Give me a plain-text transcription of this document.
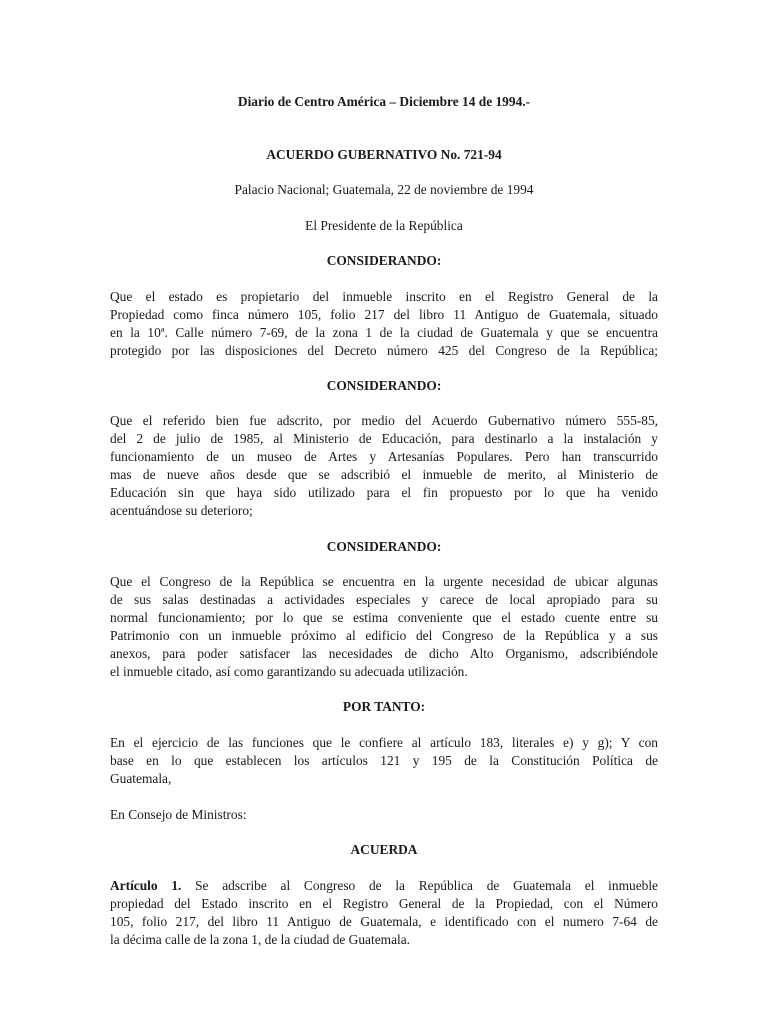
Diario de Centro América – Diciembre 14 de 1994.-
ACUERDO GUBERNATIVO No. 721-94
Palacio Nacional; Guatemala, 22 de noviembre de 1994
El Presidente de la República
CONSIDERANDO:
Que el estado es propietario del inmueble inscrito en el Registro General de la
Propiedad como finca número 105, folio 217 del libro 11 Antiguo de Guatemala, situado
en la 10ª. Calle número 7-69, de la zona 1 de la ciudad de Guatemala y que se encuentra
protegido por las disposiciones del Decreto número 425 del Congreso de la República;
CONSIDERANDO:
Que el referido bien fue adscrito, por medio del Acuerdo Gubernativo número 555-85,
del 2 de julio de 1985, al Ministerio de Educación, para destinarlo a la instalación y
funcionamiento de un museo de Artes y Artesanías Populares. Pero han transcurrido
mas de nueve años desde que se adscribió el inmueble de merito, al Ministerio de
Educación sin que haya sido utilizado para el fin propuesto por lo que ha venido
acentuándose su deterioro;
CONSIDERANDO:
Que el Congreso de la República se encuentra en la urgente necesidad de ubicar algunas
de sus salas destinadas a actividades especiales y carece de local apropiado para su
normal funcionamiento; por lo que se estima conveniente que el estado cuente entre su
Patrimonio con un inmueble próximo al edificio del Congreso de la República y a sus
anexos, para poder satisfacer las necesidades de dicho Alto Organismo, adscribiéndole
el inmueble citado, así como garantizando su adecuada utilización.
POR TANTO:
En el ejercicio de las funciones que le confiere al artículo 183, literales e) y g); Y con
base en lo que establecen los artículos 121 y 195 de la Constitución Política de
Guatemala,
En Consejo de Ministros:
ACUERDA
Artículo 1. Se adscribe al Congreso de la República de Guatemala el inmueble
propiedad del Estado inscrito en el Registro General de la Propiedad, con el Número
105, folio 217, del libro 11 Antiguo de Guatemala, e identificado con el numero 7-64 de
la décima calle de la zona 1, de la ciudad de Guatemala.
